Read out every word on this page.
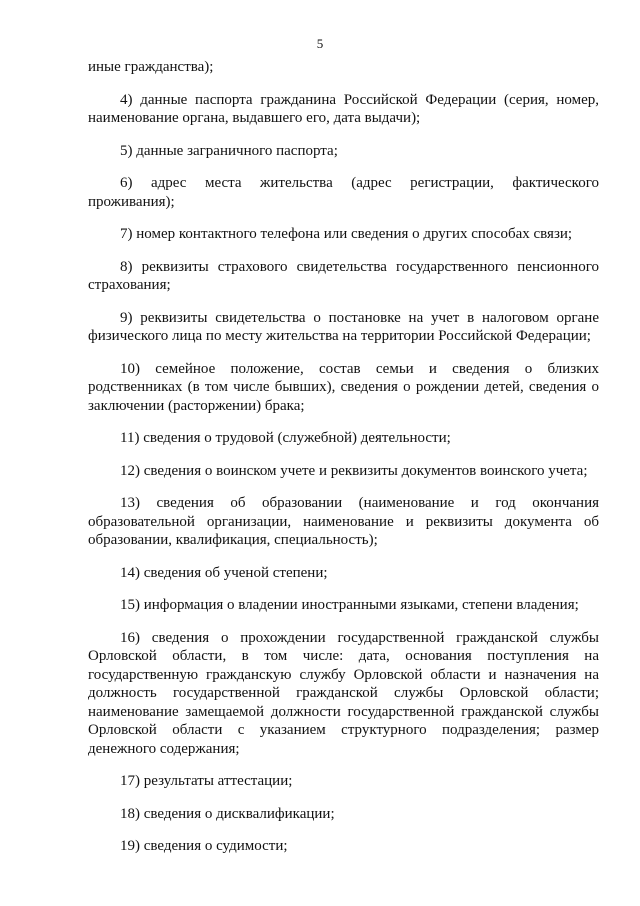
5

иные гражданства);

4) данные паспорта гражданина Российской Федерации (серия, номер, наименование органа, выдавшего его, дата выдачи);

5) данные заграничного паспорта;

6) адрес места жительства (адрес регистрации, фактического проживания);

7) номер контактного телефона или сведения о других способах связи;

8) реквизиты страхового свидетельства государственного пенсионного страхования;

9) реквизиты свидетельства о постановке на учет в налоговом органе физического лица по месту жительства на территории Российской Федерации;

10) семейное положение, состав семьи и сведения о близких родственниках (в том числе бывших), сведения о рождении детей, сведения о заключении (расторжении) брака;

11) сведения о трудовой (служебной) деятельности;

12) сведения о воинском учете и реквизиты документов воинского учета;

13) сведения об образовании (наименование и год окончания образовательной организации, наименование и реквизиты документа об образовании, квалификация, специальность);

14) сведения об ученой степени;

15) информация о владении иностранными языками, степени владения;

16) сведения о прохождении государственной гражданской службы Орловской области, в том числе: дата, основания поступления на государственную гражданскую службу Орловской области и назначения на должность государственной гражданской службы Орловской области; наименование замещаемой должности государственной гражданской службы Орловской области с указанием структурного подразделения; размер денежного содержания;

17) результаты аттестации;

18) сведения о дисквалификации;

19) сведения о судимости;
